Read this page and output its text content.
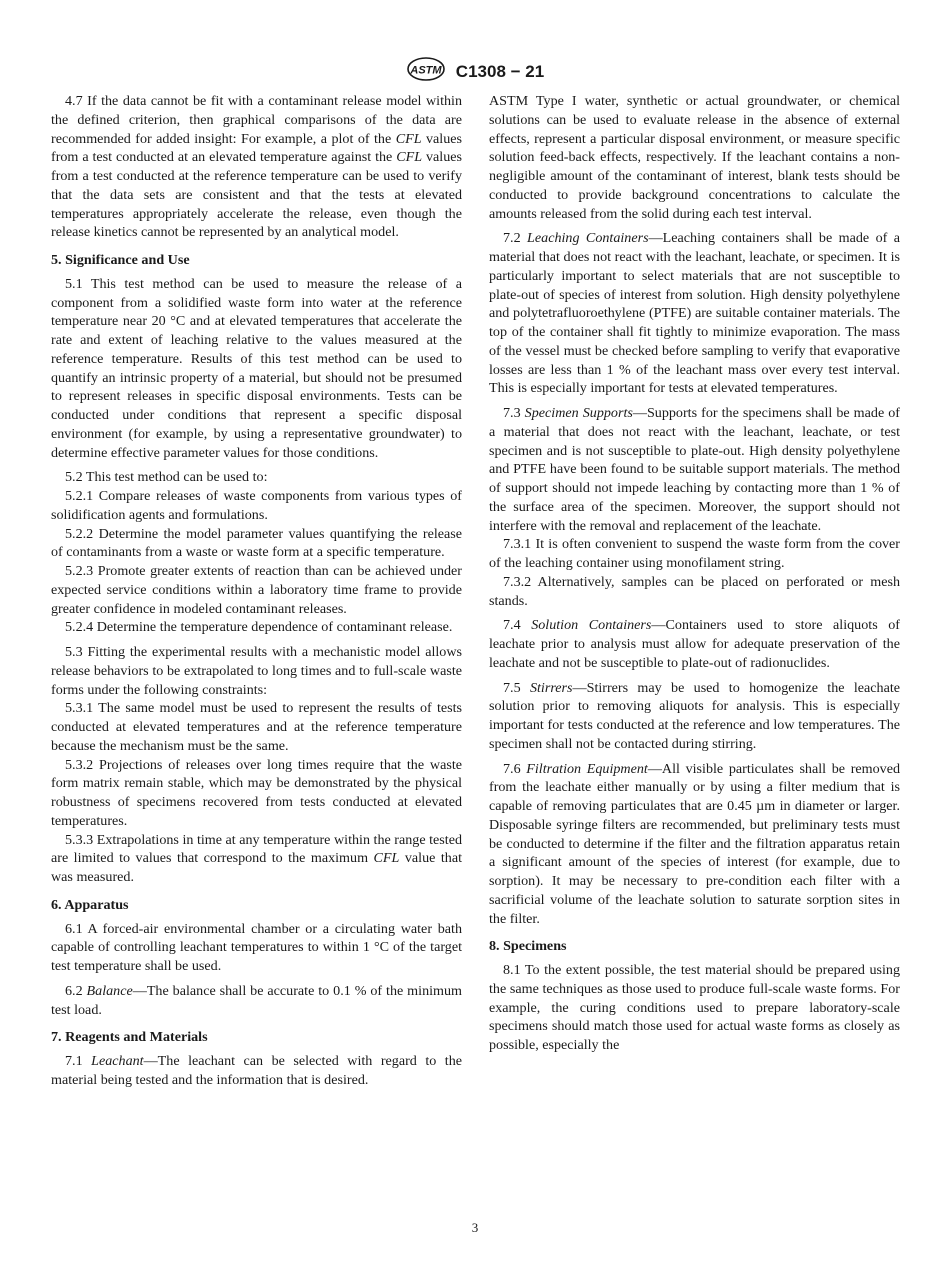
ASTM C1308 − 21

4.7 If the data cannot be fit with a contaminant release model within the defined criterion, then graphical comparisons of the data are recommended for added insight: For example, a plot of the CFL values from a test conducted at an elevated temperature against the CFL values from a test conducted at the reference temperature can be used to verify that the data sets are consistent and that the tests at elevated temperatures appropriately accelerate the release, even though the release kinetics cannot be represented by an analytical model.

5. Significance and Use

5.1 This test method can be used to measure the release of a component from a solidified waste form into water at the reference temperature near 20 °C and at elevated temperatures that accelerate the rate and extent of leaching relative to the values measured at the reference temperature. Results of this test method can be used to quantify an intrinsic property of a material, but should not be presumed to represent releases in specific disposal environments. Tests can be conducted under conditions that represent a specific disposal environment (for example, by using a representative groundwater) to determine effective parameter values for those conditions.

5.2 This test method can be used to:

5.2.1 Compare releases of waste components from various types of solidification agents and formulations.

5.2.2 Determine the model parameter values quantifying the release of contaminants from a waste or waste form at a specific temperature.

5.2.3 Promote greater extents of reaction than can be achieved under expected service conditions within a laboratory time frame to provide greater confidence in modeled contaminant releases.

5.2.4 Determine the temperature dependence of contaminant release.

5.3 Fitting the experimental results with a mechanistic model allows release behaviors to be extrapolated to long times and to full-scale waste forms under the following constraints:

5.3.1 The same model must be used to represent the results of tests conducted at elevated temperatures and at the reference temperature because the mechanism must be the same.

5.3.2 Projections of releases over long times require that the waste form matrix remain stable, which may be demonstrated by the physical robustness of specimens recovered from tests conducted at elevated temperatures.

5.3.3 Extrapolations in time at any temperature within the range tested are limited to values that correspond to the maximum CFL value that was measured.

6. Apparatus

6.1 A forced-air environmental chamber or a circulating water bath capable of controlling leachant temperatures to within 1 °C of the target test temperature shall be used.

6.2 Balance—The balance shall be accurate to 0.1 % of the minimum test load.

7. Reagents and Materials

7.1 Leachant—The leachant can be selected with regard to the material being tested and the information that is desired.

ASTM Type I water, synthetic or actual groundwater, or chemical solutions can be used to evaluate release in the absence of external effects, represent a particular disposal environment, or measure specific solution feed-back effects, respectively. If the leachant contains a non-negligible amount of the contaminant of interest, blank tests should be conducted to provide background concentrations to calculate the amounts released from the solid during each test interval.

7.2 Leaching Containers—Leaching containers shall be made of a material that does not react with the leachant, leachate, or specimen. It is particularly important to select materials that are not susceptible to plate-out of species of interest from solution. High density polyethylene and polytetrafluoroethylene (PTFE) are suitable container materials. The top of the container shall fit tightly to minimize evaporation. The mass of the vessel must be checked before sampling to verify that evaporative losses are less than 1 % of the leachant mass over every test interval. This is especially important for tests at elevated temperatures.

7.3 Specimen Supports—Supports for the specimens shall be made of a material that does not react with the leachant, leachate, or test specimen and is not susceptible to plate-out. High density polyethylene and PTFE have been found to be suitable support materials. The method of support should not impede leaching by contacting more than 1 % of the surface area of the specimen. Moreover, the support should not interfere with the removal and replacement of the leachate.

7.3.1 It is often convenient to suspend the waste form from the cover of the leaching container using monofilament string.

7.3.2 Alternatively, samples can be placed on perforated or mesh stands.

7.4 Solution Containers—Containers used to store aliquots of leachate prior to analysis must allow for adequate preservation of the leachate and not be susceptible to plate-out of radionuclides.

7.5 Stirrers—Stirrers may be used to homogenize the leachate solution prior to removing aliquots for analysis. This is especially important for tests conducted at the reference and low temperatures. The specimen shall not be contacted during stirring.

7.6 Filtration Equipment—All visible particulates shall be removed from the leachate either manually or by using a filter medium that is capable of removing particulates that are 0.45 µm in diameter or larger. Disposable syringe filters are recommended, but preliminary tests must be conducted to determine if the filter and the filtration apparatus retain a significant amount of the species of interest (for example, due to sorption). It may be necessary to pre-condition each filter with a sacrificial volume of the leachate solution to saturate sorption sites in the filter.

8. Specimens

8.1 To the extent possible, the test material should be prepared using the same techniques as those used to produce full-scale waste forms. For example, the curing conditions used to prepare laboratory-scale specimens should match those used for actual waste forms as closely as possible, especially the

3
